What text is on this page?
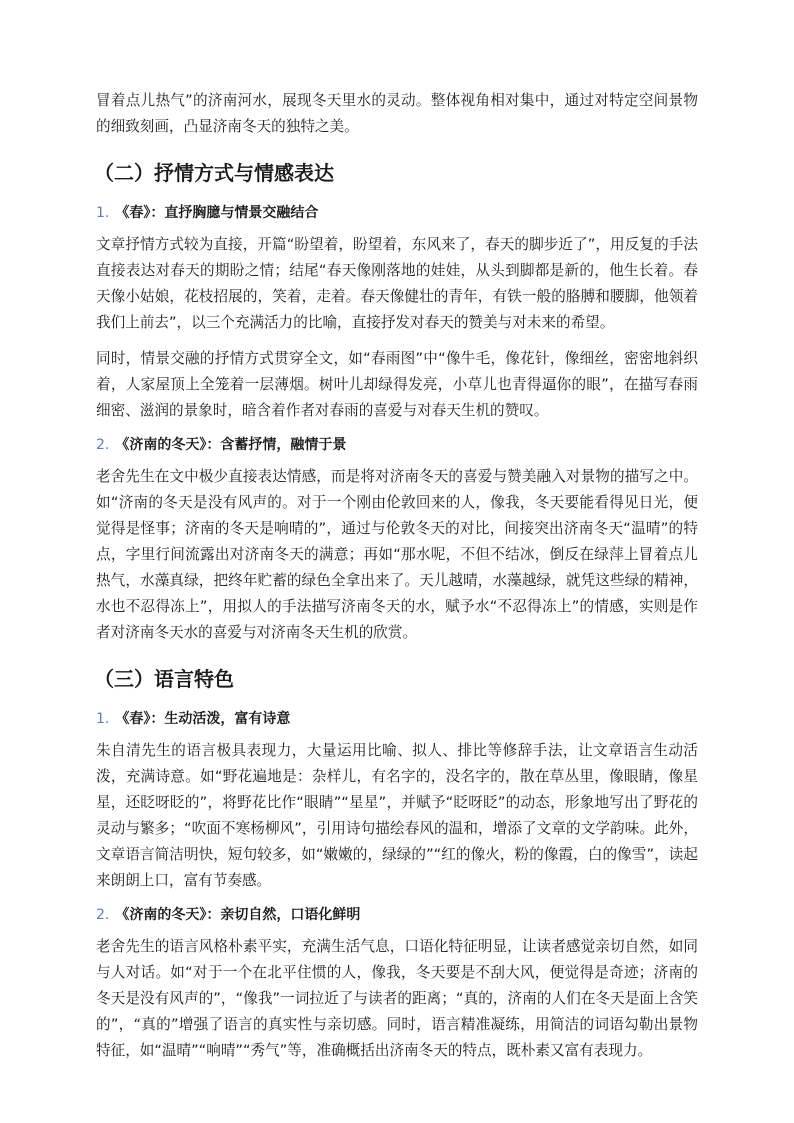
冒着点儿热气”的济南河水，展现冬天里水的灵动。整体视角相对集中，通过对特定空间景物的细致刻画，凸显济南冬天的独特之美。

（二）抒情方式与情感表达
1. 《春》：直抒胸臆与情景交融结合

文章抒情方式较为直接，开篇“盼望着，盼望着，东风来了，春天的脚步近了”，用反复的手法直接表达对春天的期盼之情；结尾“春天像刚落地的娃娃，从头到脚都是新的，他生长着。春天像小姑娘，花枝招展的，笑着，走着。春天像健壮的青年，有铁一般的胳膊和腰脚，他领着我们上前去”，以三个充满活力的比喻，直接抒发对春天的赞美与对未来的希望。

同时，情景交融的抒情方式贯穿全文，如“春雨图”中“像牛毛，像花针，像细丝，密密地斜织着，人家屋顶上全笼着一层薄烟。树叶儿却绿得发亮，小草儿也青得逼你的眼”，在描写春雨细密、滋润的景象时，暗含着作者对春雨的喜爱与对春天生机的赞叹。

2. 《济南的冬天》：含蓄抒情，融情于景

老舍先生在文中极少直接表达情感，而是将对济南冬天的喜爱与赞美融入对景物的描写之中。如“济南的冬天是没有风声的。对于一个刚由伦敦回来的人，像我，冬天要能看得见日光，便觉得是怪事；济南的冬天是响晴的”，通过与伦敦冬天的对比，间接突出济南冬天“温晴”的特点，字里行间流露出对济南冬天的满意；再如“那水呢，不但不结冰，倒反在绿萍上冒着点儿热气，水藻真绿，把终年贮蓄的绿色全拿出来了。天儿越晴，水藻越绿，就凭这些绿的精神，水也不忍得冻上”，用拟人的手法描写济南冬天的水，赋予水“不忍得冻上”的情感，实则是作者对济南冬天水的喜爱与对济南冬天生机的欣赏。

（三）语言特色
1. 《春》：生动活泼，富有诗意

朱自清先生的语言极具表现力，大量运用比喻、拟人、排比等修辞手法，让文章语言生动活泼，充满诗意。如“野花遍地是：杂样儿，有名字的，没名字的，散在草丛里，像眼睛，像星星，还眨呀眨的”，将野花比作“眼睛”“星星”，并赋予“眨呀眨”的动态，形象地写出了野花的灵动与繁多；“吹面不寒杨柳风”，引用诗句描绘春风的温和，增添了文章的文学韵味。此外，文章语言简洁明快，短句较多，如“嫩嫩的，绿绿的”“红的像火，粉的像霞，白的像雪”，读起来朗朗上口，富有节奏感。

2. 《济南的冬天》：亲切自然，口语化鲜明

老舍先生的语言风格朴素平实，充满生活气息，口语化特征明显，让读者感觉亲切自然，如同与人对话。如“对于一个在北平住惯的人，像我，冬天要是不刮大风，便觉得是奇迹；济南的冬天是没有风声的”，“像我”一词拉近了与读者的距离；“真的，济南的人们在冬天是面上含笑的”，“真的”增强了语言的真实性与亲切感。同时，语言精准凝练，用简洁的词语勾勒出景物特征，如“温晴”“响晴”“秀气”等，准确概括出济南冬天的特点，既朴素又富有表现力。
